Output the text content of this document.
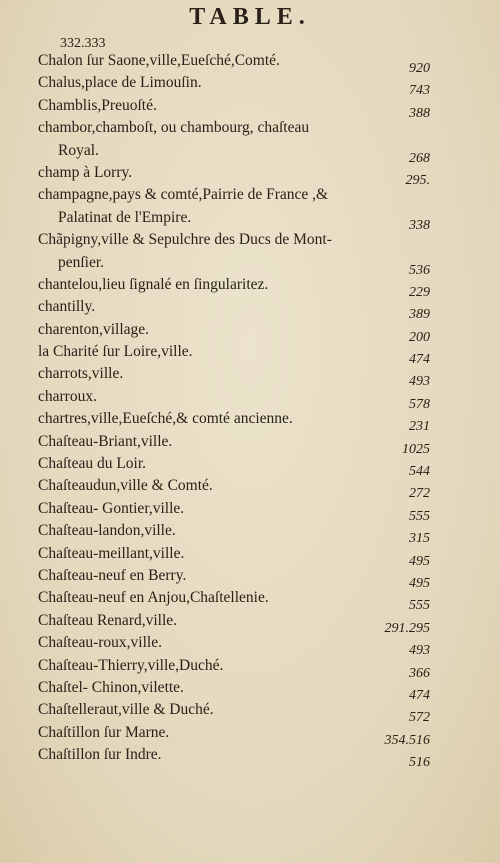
TABLE.
332.333
Chalon ſur Saone,ville,Eueſché,Comté.	920
Chalus,place de Limouſin.	743
Chamblis,Preuoſté.	388
chambor,chamboſt, ou chambourg, chaſteau
Royal.	268
champ à Lorry.	295.
champagne,pays & comté,Pairrie de France ,&
Palatinat de l'Empire.	338
Chãpigny,ville & Sepulchre des Ducs de Mont-
penſier.	536
chantelou,lieu ſignalé en ſingularitez.	229
chantilly.	389
charenton,village.	200
la Charité ſur Loire,ville.	474
charrots,ville.	493
charroux.	578
chartres,ville,Eueſché,& comté ancienne.	231
Chaſteau-Briant,ville.	1025
Chaſteau du Loir.	544
Chaſteaudun,ville & Comté.	272
Chaſteau- Gontier,ville.	555
Chaſteau-landon,ville.	315
Chaſteau-meillant,ville.	495
Chaſteau-neuf en Berry.	495
Chaſteau-neuf en Anjou,Chaſtellenie.	555
Chaſteau Renard,ville.	291.295
Chaſteau-roux,ville.	493
Chaſteau-Thierry,ville,Duché.	366
Chaſtel- Chinon,vilette.	474
Chaſtelleraut,ville & Duché.	572
Chaſtillon ſur Marne.	354.516
Chaſtillon ſur Indre.	516
